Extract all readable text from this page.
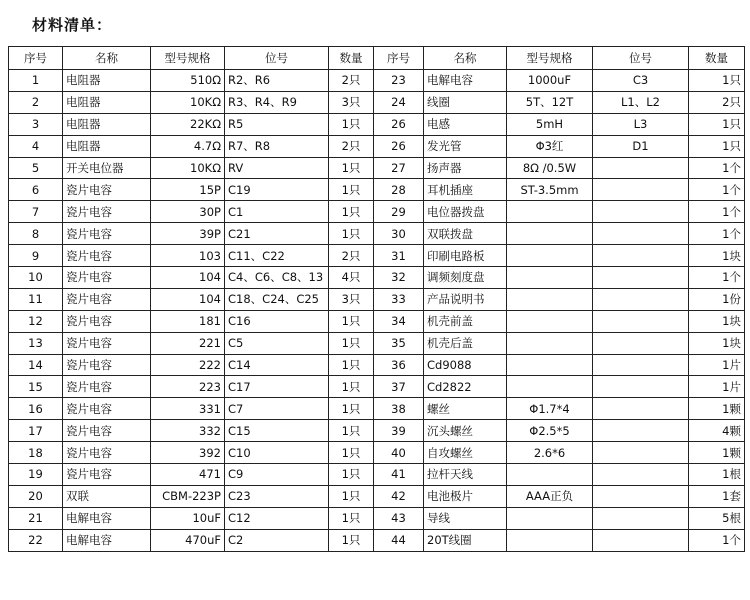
材料清单：
序号	名称	型号规格	位号	数量	序号	名称	型号规格	位号	数量
1	电阻器	510Ω	R2、R6	2只	23	电解电容	1000uF	C3	1只
2	电阻器	10KΩ	R3、R4、R9	3只	24	线圈	5T、12T	L1、L2	2只
3	电阻器	22KΩ	R5	1只	26	电感	5mH	L3	1只
4	电阻器	4.7Ω	R7、R8	2只	26	发光管	Φ3红	D1	1只
5	开关电位器	10KΩ	RV	1只	27	扬声器	8Ω /0.5W		1个
6	瓷片电容	15P	C19	1只	28	耳机插座	ST-3.5mm		1个
7	瓷片电容	30P	C1	1只	29	电位器拨盘			1个
8	瓷片电容	39P	C21	1只	30	双联拨盘			1个
9	瓷片电容	103	C11、C22	2只	31	印刷电路板			1块
10	瓷片电容	104	C4、C6、C8、13	4只	32	调频刻度盘			1个
11	瓷片电容	104	C18、C24、C25	3只	33	产品说明书			1份
12	瓷片电容	181	C16	1只	34	机壳前盖			1块
13	瓷片电容	221	C5	1只	35	机壳后盖			1块
14	瓷片电容	222	C14	1只	36	Cd9088			1片
15	瓷片电容	223	C17	1只	37	Cd2822			1片
16	瓷片电容	331	C7	1只	38	螺丝	Φ1.7*4		1颗
17	瓷片电容	332	C15	1只	39	沉头螺丝	Φ2.5*5		4颗
18	瓷片电容	392	C10	1只	40	自攻螺丝	2.6*6		1颗
19	瓷片电容	471	C9	1只	41	拉杆天线			1根
20	双联	CBM-223P	C23	1只	42	电池极片	AAA正负		1套
21	电解电容	10uF	C12	1只	43	导线			5根
22	电解电容	470uF	C2	1只	44	20T线圈			1个
